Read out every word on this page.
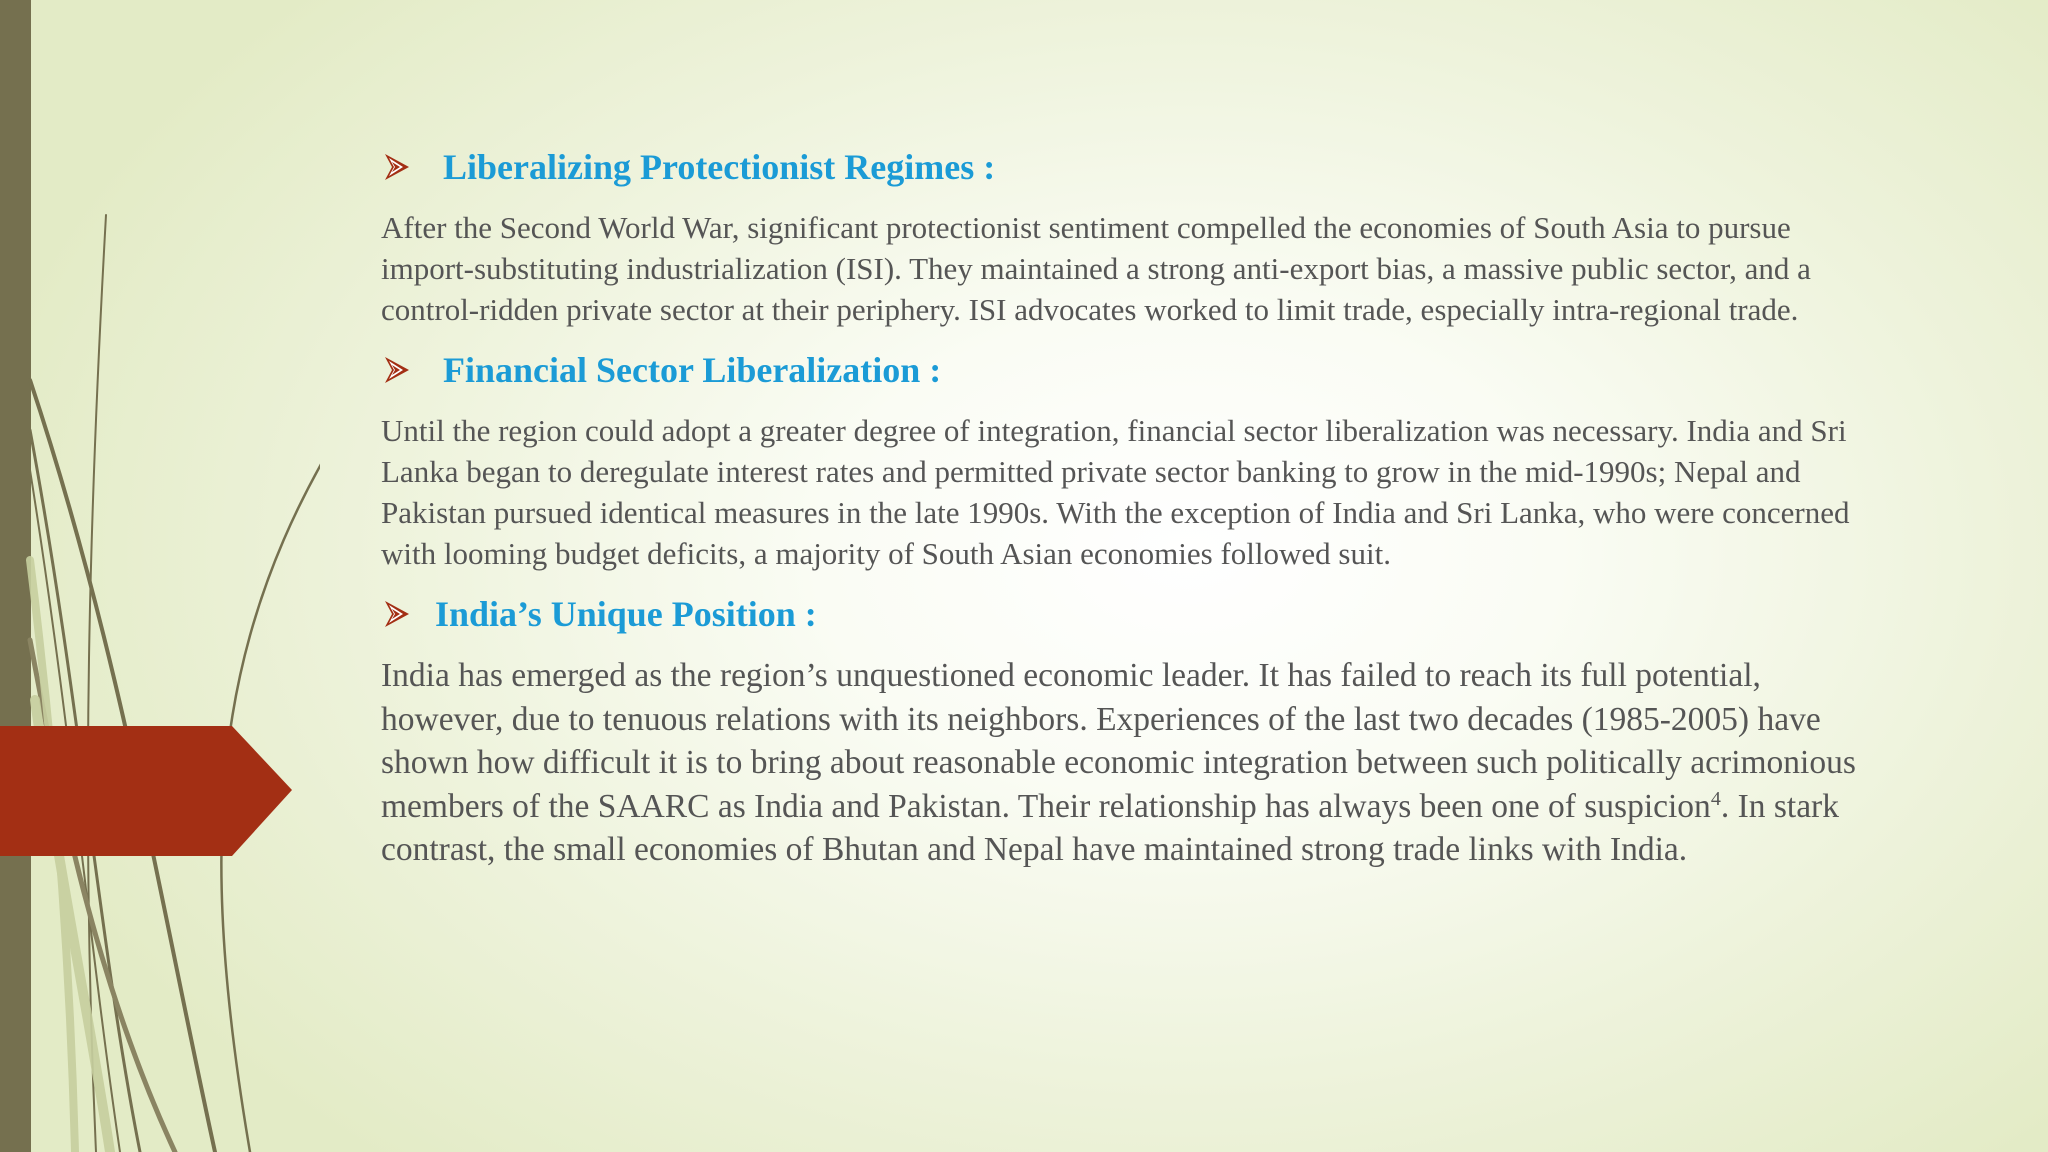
Liberalizing Protectionist Regimes :

After the Second World War, significant protectionist sentiment compelled the economies of South Asia to pursue import-substituting industrialization (ISI). They maintained a strong anti-export bias, a massive public sector, and a control-ridden private sector at their periphery. ISI advocates worked to limit trade, especially intra-regional trade.

Financial Sector Liberalization :

Until the region could adopt a greater degree of integration, financial sector liberalization was necessary. India and Sri Lanka began to deregulate interest rates and permitted private sector banking to grow in the mid-1990s; Nepal and Pakistan pursued identical measures in the late 1990s. With the exception of India and Sri Lanka, who were concerned with looming budget deficits, a majority of South Asian economies followed suit.

India’s Unique Position :

India has emerged as the region’s unquestioned economic leader. It has failed to reach its full potential, however, due to tenuous relations with its neighbors. Experiences of the last two decades (1985-2005) have shown how difficult it is to bring about reasonable economic integration between such politically acrimonious members of the SAARC as India and Pakistan. Their relationship has always been one of suspicion$^4$. In stark contrast, the small economies of Bhutan and Nepal have maintained strong trade links with India.
